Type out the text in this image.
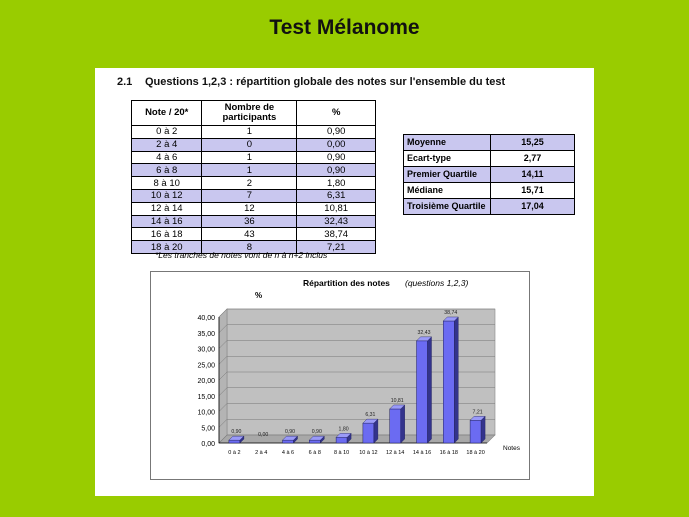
Test Mélanome
2.1 Questions 1,2,3 : répartition globale des notes sur l'ensemble du test
Note / 20*	Nombre de participants	%
0 à 2	1	0,90
2 à 4	0	0,00
4 à 6	1	0,90
6 à 8	1	0,90
8 à 10	2	1,80
10 à 12	7	6,31
12 à 14	12	10,81
14 à 16	36	32,43
16 à 18	43	38,74
18 à 20	8	7,21
*Les tranches de notes vont de n à n+2 inclus
Moyenne	15,25
Ecart-type	2,77
Premier Quartile	14,11
Médiane	15,71
Troisième Quartile	17,04
0,00
5,00
10,00
15,00
20,00
25,00
30,00
35,00
40,00
Répartition des notes (questions 1,2,3)
%
Notes
0,90
0 à 2
0,00
2 à 4
0,90
4 à 6
0,90
6 à 8
1,80
8 à 10
6,31
10 à 12
10,81
12 à 14
32,43
14 à 16
38,74
16 à 18
7,21
18 à 20
